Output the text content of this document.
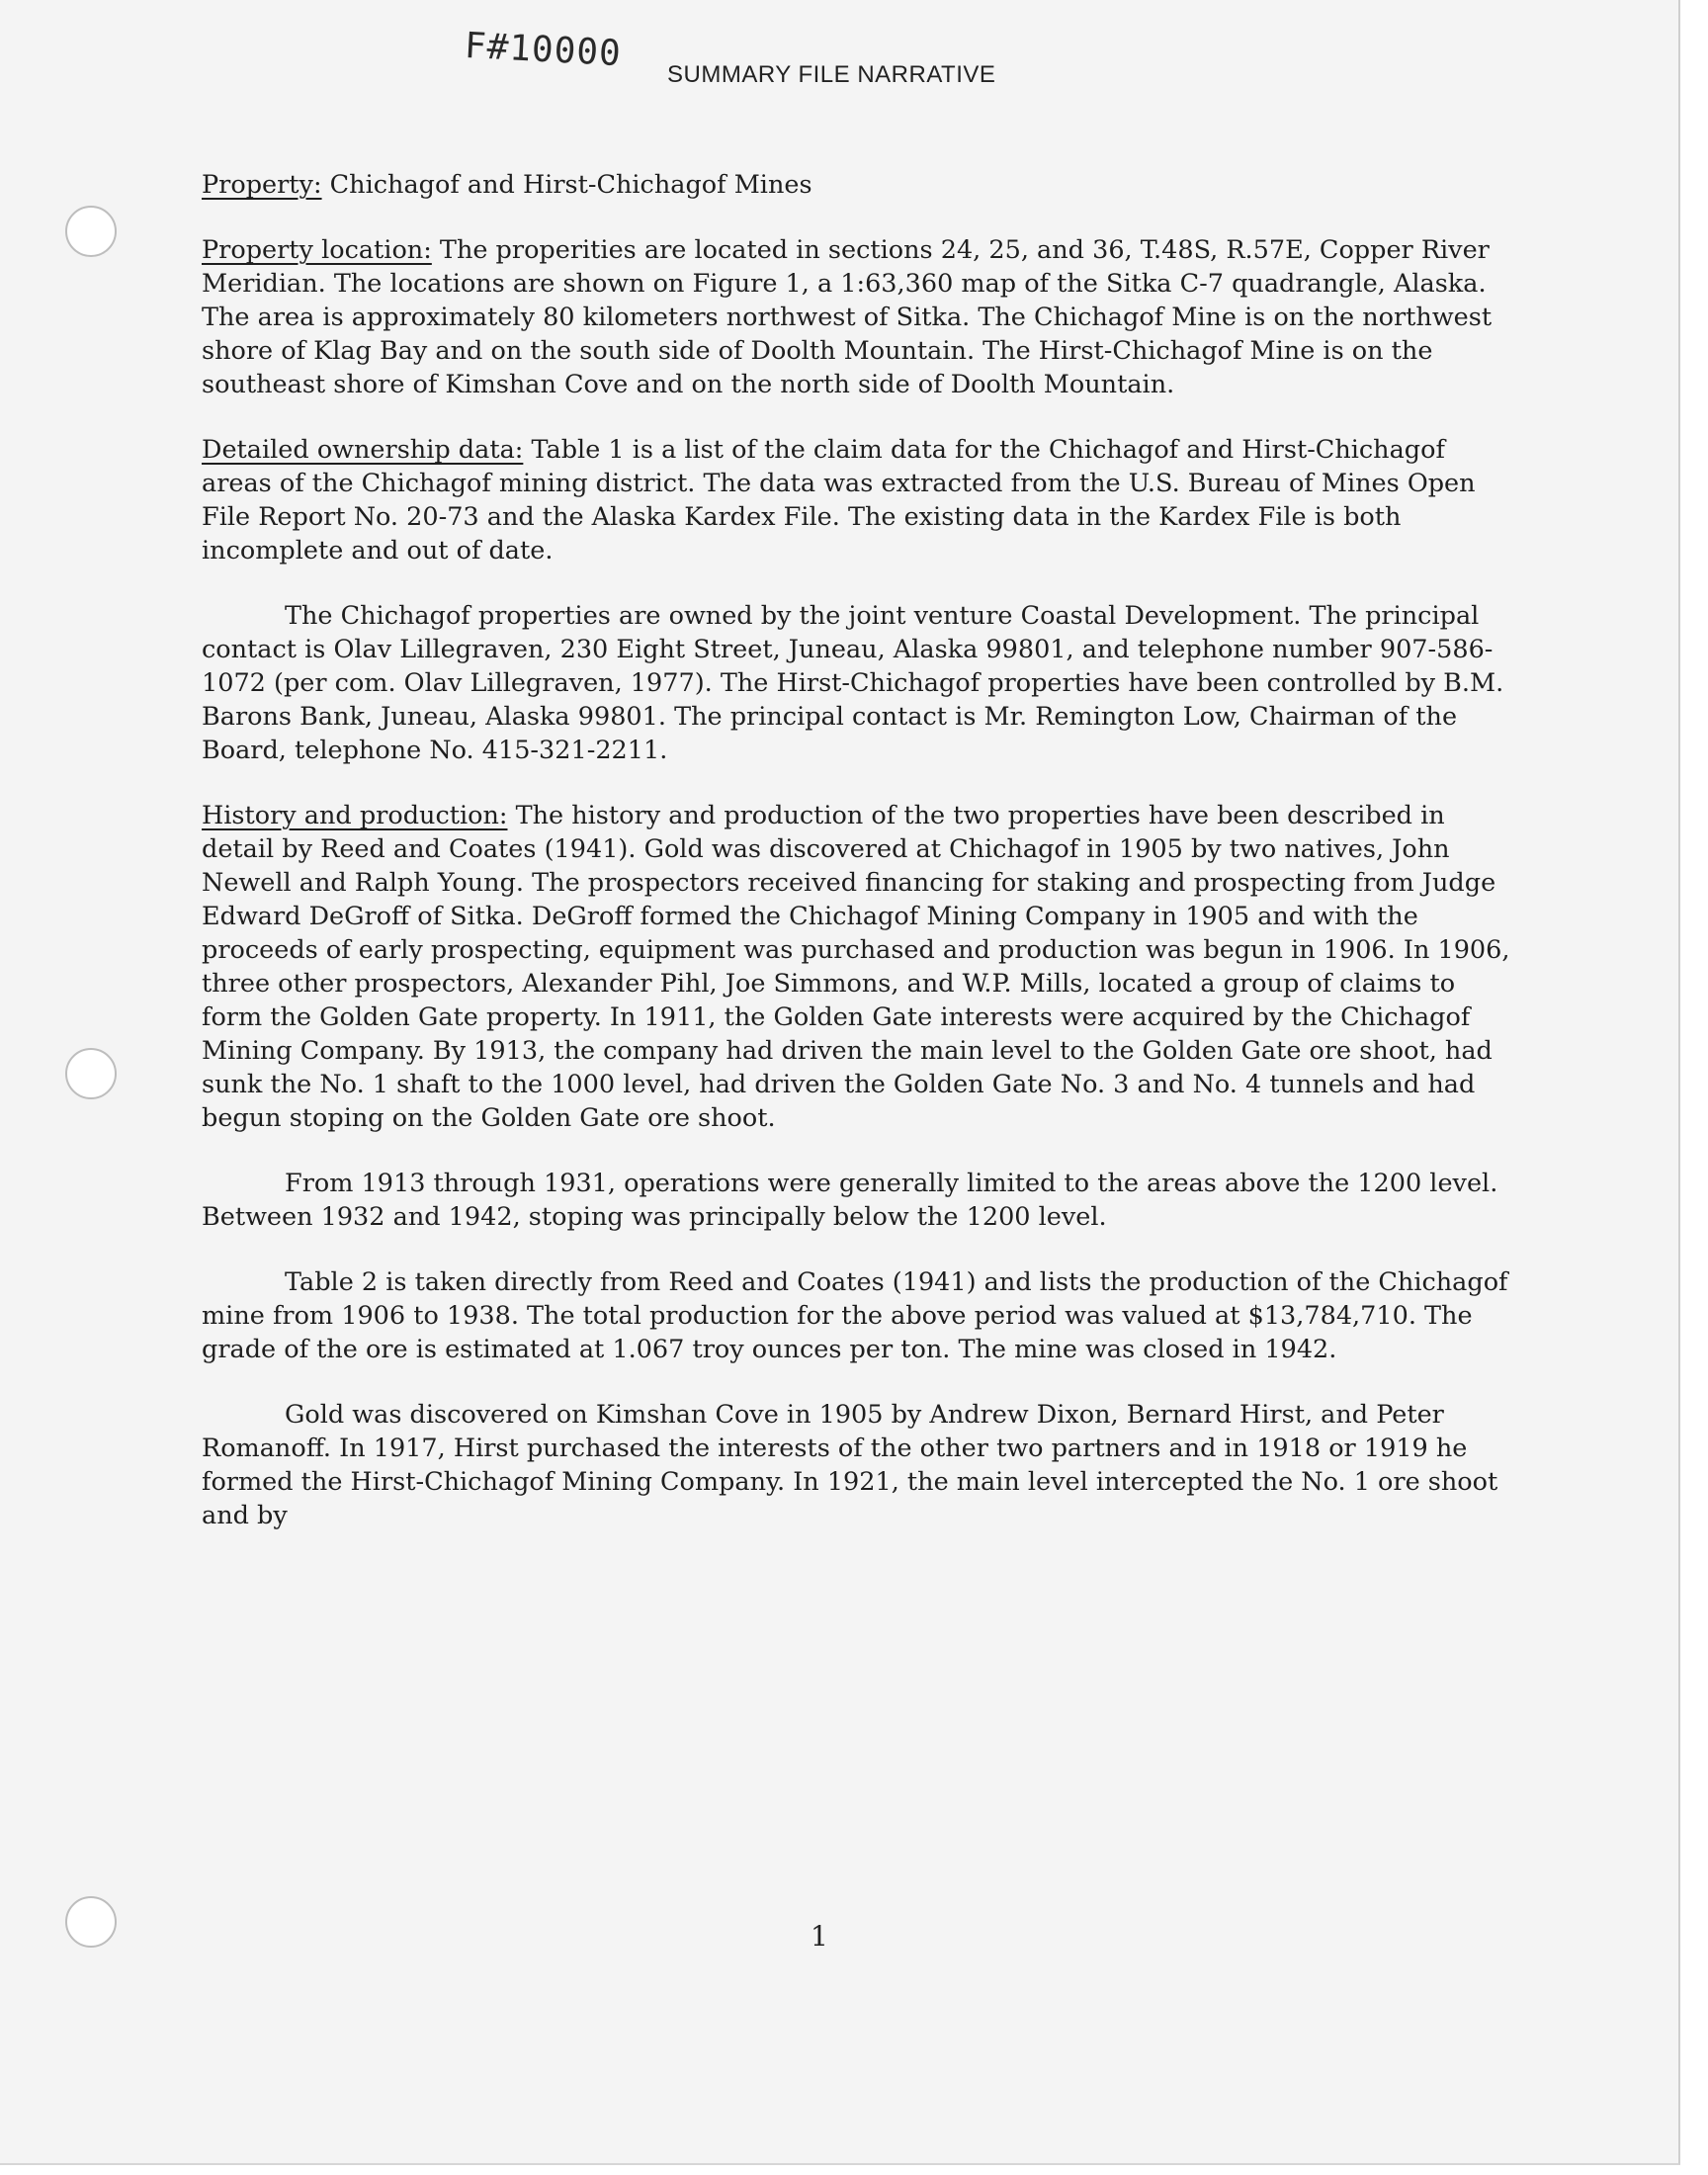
F#10000
SUMMARY FILE NARRATIVE

Property: Chichagof and Hirst-Chichagof Mines

Property location: The properities are located in sections 24, 25, and 36, T.48S, R.57E, Copper River Meridian. The locations are shown on Figure 1, a 1:63,360 map of the Sitka C-7 quadrangle, Alaska. The area is approximately 80 kilometers northwest of Sitka. The Chichagof Mine is on the northwest shore of Klag Bay and on the south side of Doolth Mountain. The Hirst-Chichagof Mine is on the southeast shore of Kimshan Cove and on the north side of Doolth Mountain.

Detailed ownership data: Table 1 is a list of the claim data for the Chichagof and Hirst-Chichagof areas of the Chichagof mining district. The data was extracted from the U.S. Bureau of Mines Open File Report No. 20-73 and the Alaska Kardex File. The existing data in the Kardex File is both incomplete and out of date.

The Chichagof properties are owned by the joint venture Coastal Development. The principal contact is Olav Lillegraven, 230 Eight Street, Juneau, Alaska 99801, and telephone number 907-586-1072 (per com. Olav Lillegraven, 1977). The Hirst-Chichagof properties have been controlled by B.M. Barons Bank, Juneau, Alaska 99801. The principal contact is Mr. Remington Low, Chairman of the Board, telephone No. 415-321-2211.

History and production: The history and production of the two properties have been described in detail by Reed and Coates (1941). Gold was discovered at Chichagof in 1905 by two natives, John Newell and Ralph Young. The prospectors received financing for staking and prospecting from Judge Edward DeGroff of Sitka. DeGroff formed the Chichagof Mining Company in 1905 and with the proceeds of early prospecting, equipment was purchased and production was begun in 1906. In 1906, three other prospectors, Alexander Pihl, Joe Simmons, and W.P. Mills, located a group of claims to form the Golden Gate property. In 1911, the Golden Gate interests were acquired by the Chichagof Mining Company. By 1913, the company had driven the main level to the Golden Gate ore shoot, had sunk the No. 1 shaft to the 1000 level, had driven the Golden Gate No. 3 and No. 4 tunnels and had begun stoping on the Golden Gate ore shoot.

From 1913 through 1931, operations were generally limited to the areas above the 1200 level. Between 1932 and 1942, stoping was principally below the 1200 level.

Table 2 is taken directly from Reed and Coates (1941) and lists the production of the Chichagof mine from 1906 to 1938. The total production for the above period was valued at $13,784,710. The grade of the ore is estimated at 1.067 troy ounces per ton. The mine was closed in 1942.

Gold was discovered on Kimshan Cove in 1905 by Andrew Dixon, Bernard Hirst, and Peter Romanoff. In 1917, Hirst purchased the interests of the other two partners and in 1918 or 1919 he formed the Hirst-Chichagof Mining Company. In 1921, the main level intercepted the No. 1 ore shoot and by

1
